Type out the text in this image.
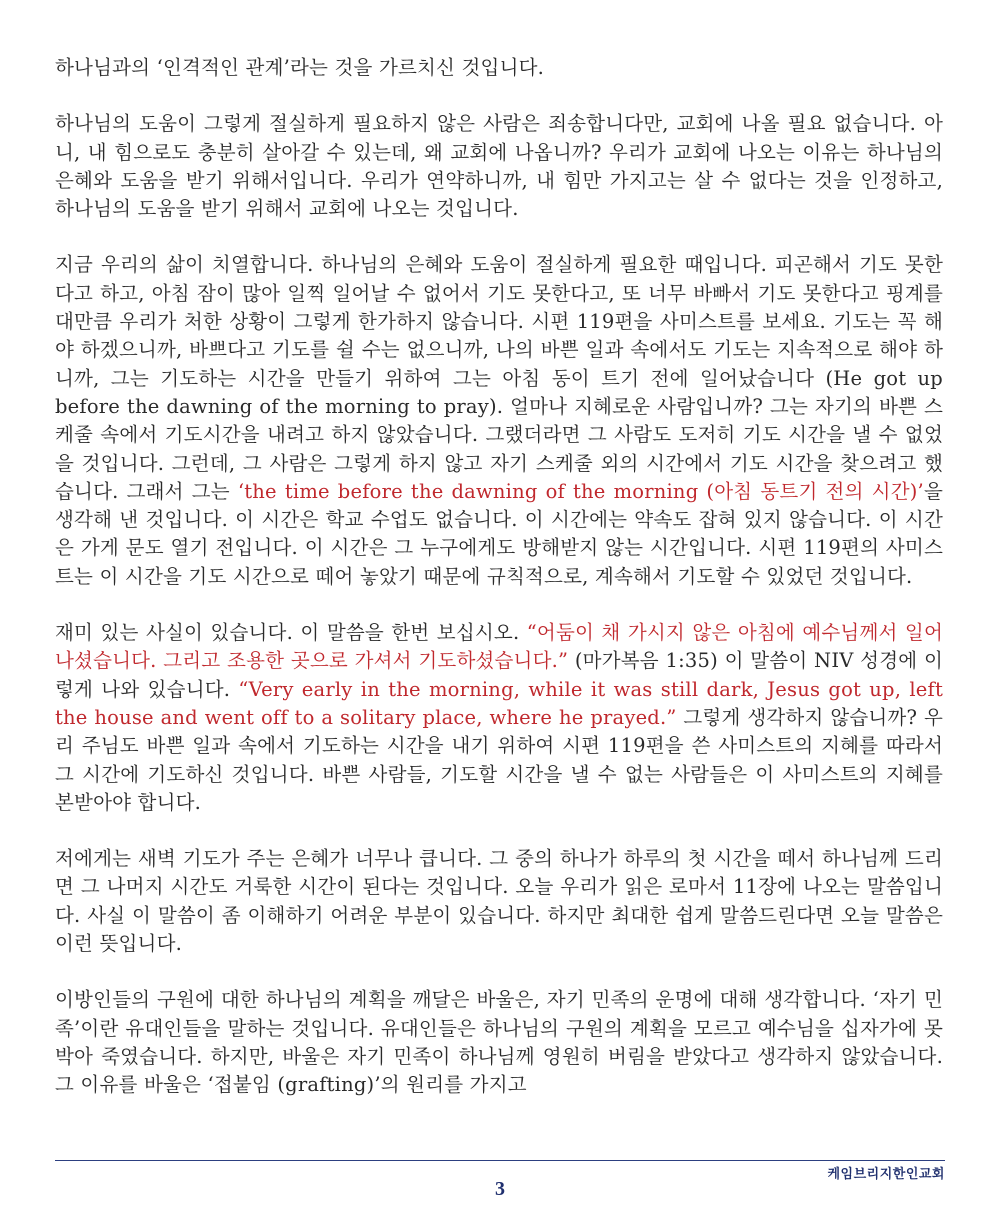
하나님과의 ‘인격적인 관계’라는 것을 가르치신 것입니다.

하나님의 도움이 그렇게 절실하게 필요하지 않은 사람은 죄송합니다만, 교회에 나올 필요 없습니다. 아니, 내 힘으로도 충분히 살아갈 수 있는데, 왜 교회에 나옵니까? 우리가 교회에 나오는 이유는 하나님의 은혜와 도움을 받기 위해서입니다. 우리가 연약하니까, 내 힘만 가지고는 살 수 없다는 것을 인정하고, 하나님의 도움을 받기 위해서 교회에 나오는 것입니다.

지금 우리의 삶이 치열합니다. 하나님의 은혜와 도움이 절실하게 필요한 때입니다. 피곤해서 기도 못한다고 하고, 아침 잠이 많아 일찍 일어날 수 없어서 기도 못한다고, 또 너무 바빠서 기도 못한다고 핑계를 대만큼 우리가 처한 상황이 그렇게 한가하지 않습니다. 시편 119편을 사미스트를 보세요. 기도는 꼭 해야 하겠으니까, 바쁘다고 기도를 쉴 수는 없으니까, 나의 바쁜 일과 속에서도 기도는 지속적으로 해야 하니까, 그는 기도하는 시간을 만들기 위하여 그는 아침 동이 트기 전에 일어났습니다 (He got up before the dawning of the morning to pray). 얼마나 지혜로운 사람입니까? 그는 자기의 바쁜 스케줄 속에서 기도시간을 내려고 하지 않았습니다. 그랬더라면 그 사람도 도저히 기도 시간을 낼 수 없었을 것입니다. 그런데, 그 사람은 그렇게 하지 않고 자기 스케줄 외의 시간에서 기도 시간을 찾으려고 했습니다. 그래서 그는 ‘the time before the dawning of the morning (아침 동트기 전의 시간)’을 생각해 낸 것입니다. 이 시간은 학교 수업도 없습니다. 이 시간에는 약속도 잡혀 있지 않습니다. 이 시간은 가게 문도 열기 전입니다. 이 시간은 그 누구에게도 방해받지 않는 시간입니다. 시편 119편의 사미스트는 이 시간을 기도 시간으로 떼어 놓았기 때문에 규칙적으로, 계속해서 기도할 수 있었던 것입니다.

재미 있는 사실이 있습니다. 이 말씀을 한번 보십시오. “어둠이 채 가시지 않은 아침에 예수님께서 일어나셨습니다. 그리고 조용한 곳으로 가셔서 기도하셨습니다.” (마가복음 1:35) 이 말씀이 NIV 성경에 이렇게 나와 있습니다. “Very early in the morning, while it was still dark, Jesus got up, left the house and went off to a solitary place, where he prayed.” 그렇게 생각하지 않습니까? 우리 주님도 바쁜 일과 속에서 기도하는 시간을 내기 위하여 시편 119편을 쓴 사미스트의 지혜를 따라서 그 시간에 기도하신 것입니다. 바쁜 사람들, 기도할 시간을 낼 수 없는 사람들은 이 사미스트의 지혜를 본받아야 합니다.

저에게는 새벽 기도가 주는 은혜가 너무나 큽니다. 그 중의 하나가 하루의 첫 시간을 떼서 하나님께 드리면 그 나머지 시간도 거룩한 시간이 된다는 것입니다. 오늘 우리가 읽은 로마서 11장에 나오는 말씀입니다. 사실 이 말씀이 좀 이해하기 어려운 부분이 있습니다. 하지만 최대한 쉽게 말씀드린다면 오늘 말씀은 이런 뜻입니다.

이방인들의 구원에 대한 하나님의 계획을 깨달은 바울은, 자기 민족의 운명에 대해 생각합니다. ‘자기 민족’이란 유대인들을 말하는 것입니다. 유대인들은 하나님의 구원의 계획을 모르고 예수님을 십자가에 못박아 죽였습니다. 하지만, 바울은 자기 민족이 하나님께 영원히 버림을 받았다고 생각하지 않았습니다. 그 이유를 바울은 ‘접붙임 (grafting)’의 원리를 가지고

케임브리지한인교회
3
